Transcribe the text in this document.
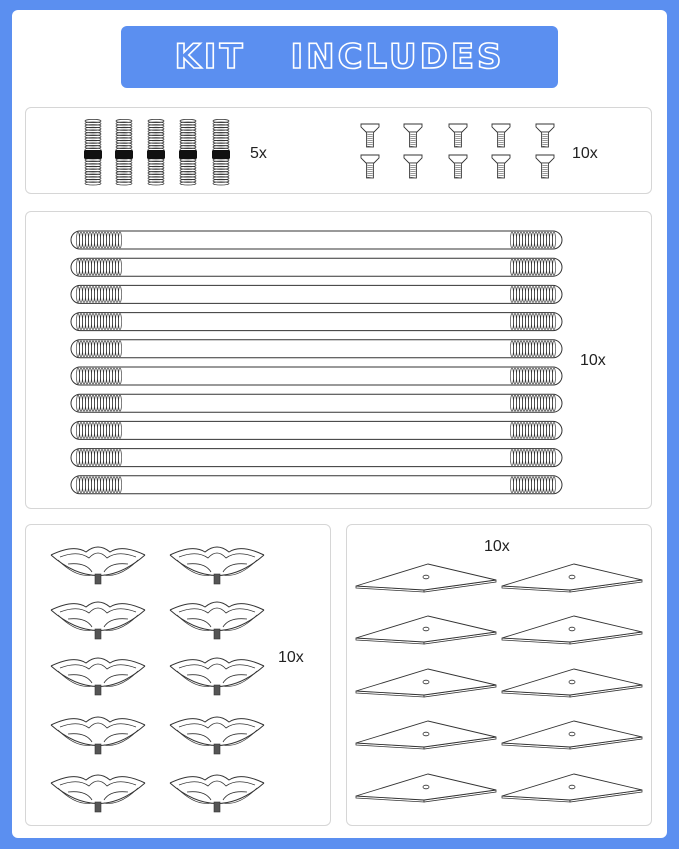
KIT INCLUDES
5x	10x
10x
10x
10x
